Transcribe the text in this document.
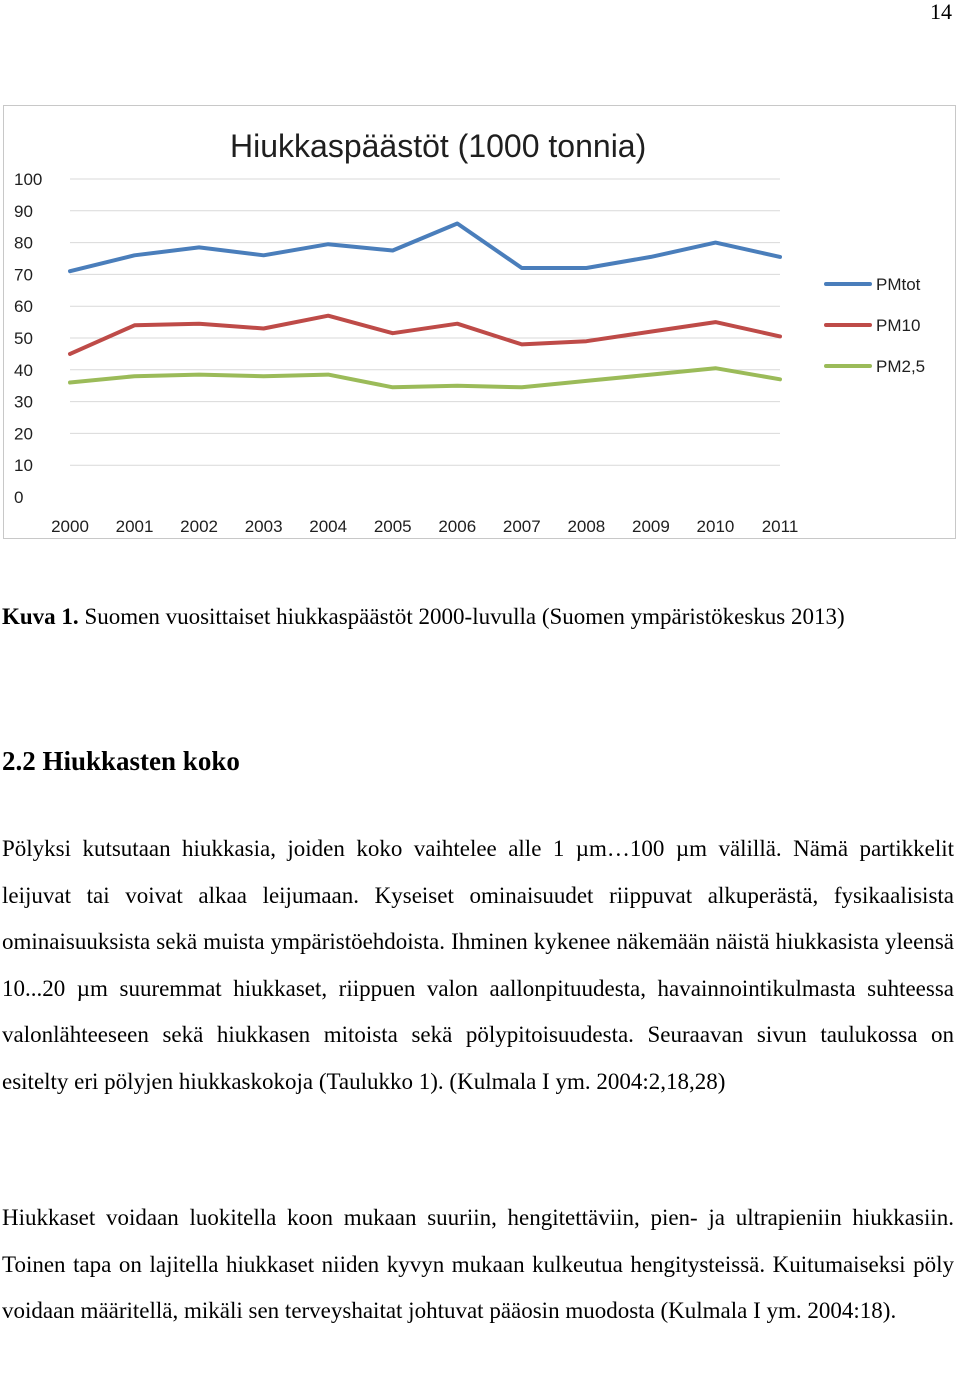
14
0
10
20
30
40
50
60
70
80
90
100
2000 2001 2002 2003 2004 2005 2006 2007 2008 2009 2010 2011
PMtot
PM10
PM2,5
Hiukkaspäästöt (1000 tonnia)
Kuva 1. Suomen vuosittaiset hiukkaspäästöt 2000-luvulla (Suomen ympäristökeskus 2013)
2.2 Hiukkasten koko
Pölyksi kutsutaan hiukkasia, joiden koko vaihtelee alle 1 µm…100 µm välillä. Nämä partikkelit leijuvat tai voivat alkaa leijumaan. Kyseiset ominaisuudet riippuvat alkuperästä, fysikaalisista ominaisuuksista sekä muista ympäristöehdoista. Ihminen kykenee näkemään näistä hiukkasista yleensä 10...20 µm suuremmat hiukkaset, riippuen valon aallonpituudesta, havainnointikulmasta suhteessa valonlähteeseen sekä hiukkasen mitoista sekä pölypitoisuudesta. Seuraavan sivun taulukossa on esitelty eri pölyjen hiukkaskokoja (Taulukko 1). (Kulmala I ym. 2004:2,18,28)
Hiukkaset voidaan luokitella koon mukaan suuriin, hengitettäviin, pien- ja ultrapieniin hiukkasiin. Toinen tapa on lajitella hiukkaset niiden kyvyn mukaan kulkeutua hengitysteissä. Kuitumaiseksi pöly voidaan määritellä, mikäli sen terveyshaitat johtuvat pääosin muodosta (Kulmala I ym. 2004:18).
